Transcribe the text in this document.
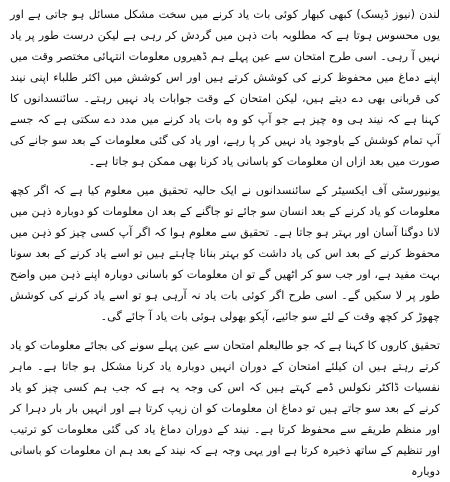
لندن (نیوز ڈیسک) کبھی کبھار کوئی بات یاد کرنے میں سخت مشکل مسائل ہو جاتی ہے اور یوں محسوس ہوتا ہے کہ مطلوبہ بات ذہن میں گردش کر رہی ہے لیکن درست طور پر یاد نہیں آ رہی۔ اسی طرح امتحان سے عین پہلے ہم ڈھیروں معلومات انتہائی مختصر وقت میں اپنے دماغ میں محفوظ کرنے کی کوشش کرتے ہیں اور اس کوشش میں اکثر طلباء اپنی نیند کی قربانی بھی دے دیتے ہیں، لیکن امتحان کے وقت جوابات یاد نہیں رہتے۔ سائنسدانوں کا کہنا ہے کہ نیند ہی وہ چیز ہے جو آپ کو وہ بات یاد کرنے میں مدد دے سکتی ہے کہ جسے آپ تمام کوشش کے باوجود یاد نہیں کر پا رہے، اور یاد کی گئی معلومات کے بعد سو جانے کی صورت میں بعد ازاں ان معلومات کو باسانی یاد کرنا بھی ممکن ہو جاتا ہے۔

یونیورسٹی آف ایکسیٹر کے سائنسدانوں نے ایک حالیہ تحقیق میں معلوم کیا ہے کہ اگر کچھ معلومات کو یاد کرنے کے بعد انسان سو جائے تو جاگنے کے بعد ان معلومات کو دوبارہ ذہن میں لانا دوگنا آسان اور بہتر ہو جاتا ہے۔ تحقیق سے معلوم ہوا کہ اگر آپ کسی چیز کو ذہن میں محفوظ کرنے کے بعد اس کی یاد داشت کو بہتر بنانا چاہتے ہیں تو اسے یاد کرنے کے بعد سونا بہت مفید ہے، اور جب سو کر اٹھیں گے تو ان معلومات کو باسانی دوبارہ اپنے ذہن میں واضح طور پر لا سکیں گے۔ اسی طرح اگر کوئی بات یاد نہ آرہی ہو تو اسے یاد کرنے کی کوشش چھوڑ کر کچھ وقت کے لئے سو جائیے، آپکو بھولی ہوئی بات یاد آ جائے گی۔

تحقیق کاروں کا کہنا ہے کہ جو طالبعلم امتحان سے عین پہلے سونے کی بجائے معلومات کو یاد کرتے رہتے ہیں ان کیلئے امتحان کے دوران انہیں دوبارہ یاد کرنا مشکل ہو جاتا ہے۔ ماہر نفسیات ڈاکٹر نکولس ڈمے کہتے ہیں کہ اس کی وجہ یہ ہے کہ جب ہم کسی چیز کو یاد کرنے کے بعد سو جاتے ہیں تو دماغ ان معلومات کو ان زیپ کرتا ہے اور انہیں بار بار دہرا کر اور منظم طریقے سے محفوظ کرتا ہے۔ نیند کے دوران دماغ یاد کی گئی معلومات کو ترتیب اور تنظیم کے ساتھ ذخیرہ کرتا ہے اور یہی وجہ ہے کہ نیند کے بعد ہم ان معلومات کو باسانی دوبارہ
